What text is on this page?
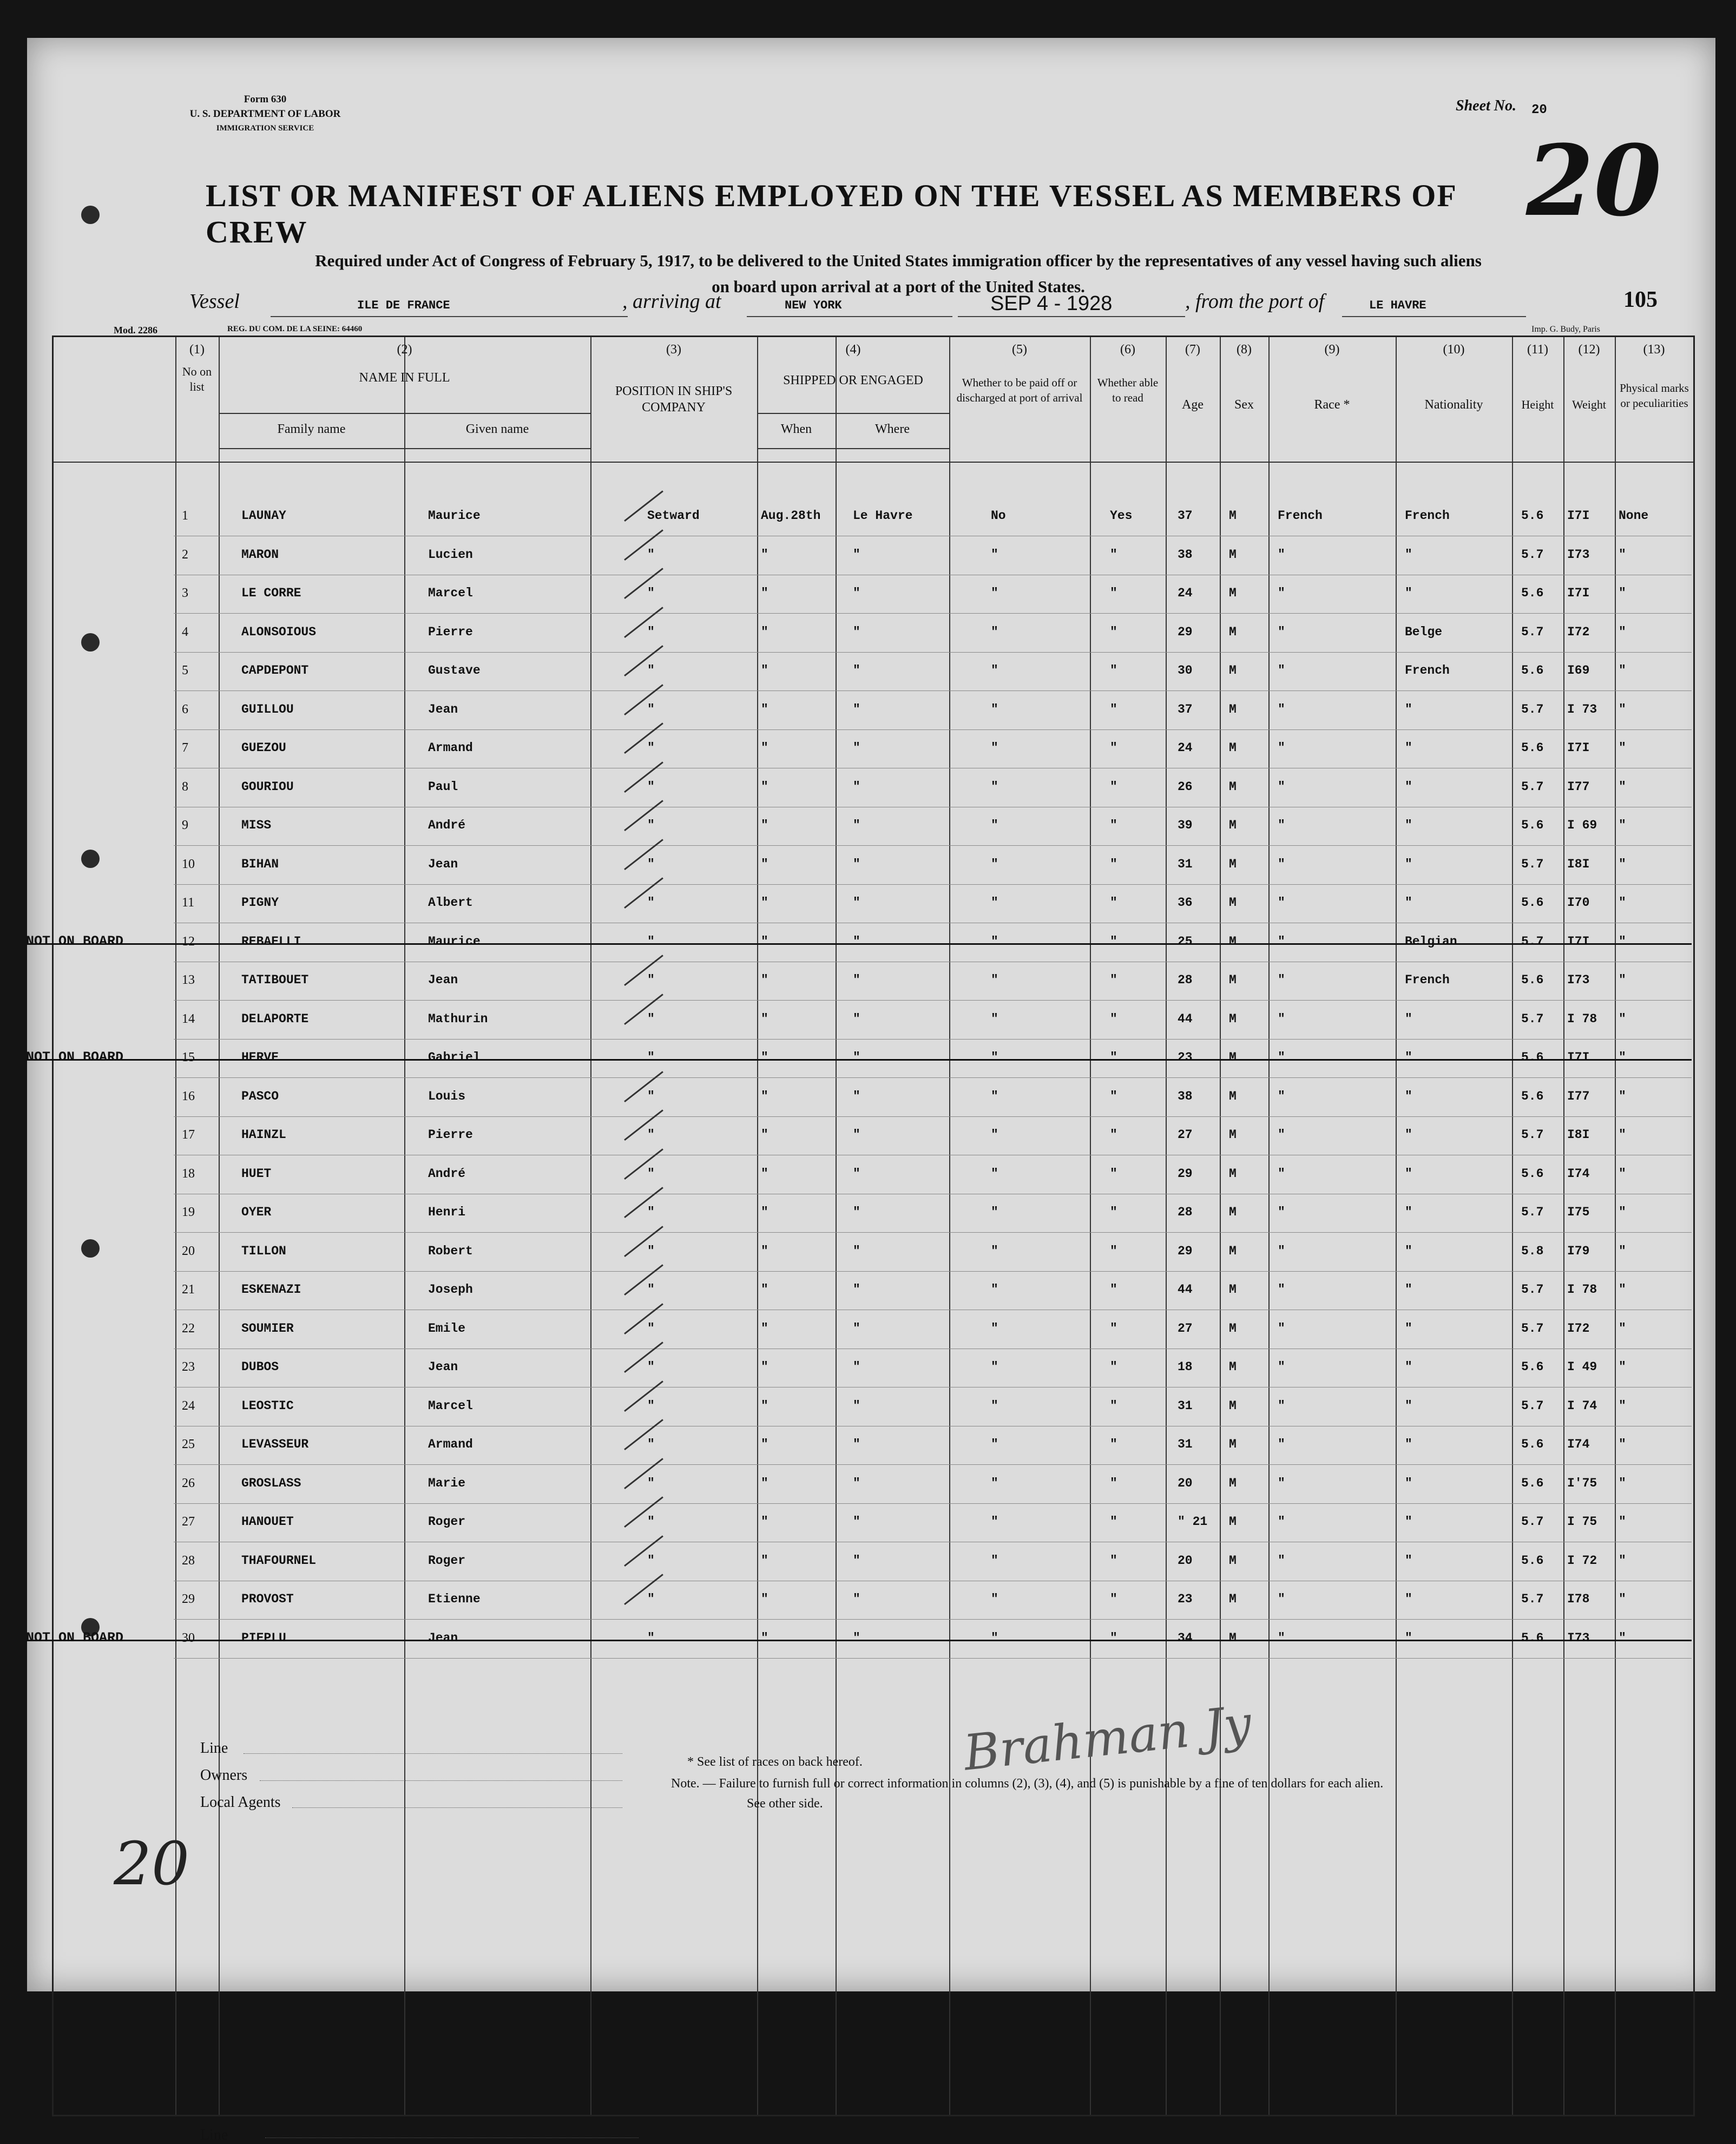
Form 630
U. S. DEPARTMENT OF LABOR
IMMIGRATION SERVICE
Sheet No. 20
20
LIST OR MANIFEST OF ALIENS EMPLOYED ON THE VESSEL AS MEMBERS OF CREW
Required under Act of Congress of February 5, 1917, to be delivered to the United States immigration officer by the representatives of any vessel having such aliens
on board upon arrival at a port of the United States.
Vessel	ILE DE FRANCE	, arriving at	NEW YORK	SEP 4 - 1928	, from the port of	LE HAVRE	105
Mod. 2286	REG. DU COM. DE LA SEINE: 64460	Imp. G. Budy, Paris
(1)
No on list
(2)
NAME IN FULL
Family name	Given name
(3)
POSITION IN SHIP'S COMPANY
(4)
SHIPPED OR ENGAGED
When	Where
(5)
Whether to be paid off or discharged at port of arrival
(6)
Whether able to read
(7)
Age
(8)
Sex
(9)
Race *
(10)
Nationality
(11)
Height
(12)
Weight
(13)
Physical marks or peculiarities
Line
1	LAUNAY	Maurice	Setward	Aug.28th	Le Havre	No	Yes	37	M	French	French	5.6 I7I None
2	MARON	Lucien	"	"	"	"	"	38	M	"	"	5.7 I73 "
3	LE CORRE	Marcel	"	"	"	"	"	24	M	"	"	5.6 I7I "
4	ALONSOIOUS	Pierre	"	"	"	"	"	29	M	"	Belge	5.7 I72 "
5	CAPDEPONT	Gustave	"	"	"	"	"	30	M	"	French	5.6 I69 "
6	GUILLOU	Jean	"	"	"	"	"	37	M	"	"	5.7 I 73 "
7	GUEZOU	Armand	"	"	"	"	"	24	M	"	"	5.6 I7I "
8	GOURIOU	Paul	"	"	"	"	"	26	M	"	"	5.7 I77 "
9	MISS	André	"	"	"	"	"	39	M	"	"	5.6 I 69 "
10	BIHAN	Jean	"	"	"	"	"	31	M	"	"	5.7 I8I "
11	PIGNY	Albert	"	"	"	"	"	36	M	"	"	5.6 I70 "
12	REBAELLI	Maurice	"	"	"	"	"	25	M	"	Belgian	5.7 I7I "
NOT ON BOARD
13	TATIBOUET	Jean	"	"	"	"	"	28	M	"	French	5.6 I73 "
14	DELAPORTE	Mathurin	"	"	"	"	"	44	M	"	"	5.7 I 78 "
15	HERVE	Gabriel	"	"	"	"	"	23	M	"	"	5.6 I7I "
NOT ON BOARD
16	PASCO	Louis	"	"	"	"	"	38	M	"	"	5.6 I77 "
17	HAINZL	Pierre	"	"	"	"	"	27	M	"	"	5.7 I8I "
18	HUET	André	"	"	"	"	"	29	M	"	"	5.6 I74 "
19	OYER	Henri	"	"	"	"	"	28	M	"	"	5.7 I75 "
20	TILLON	Robert	"	"	"	"	"	29	M	"	"	5.8 I79 "
21	ESKENAZI	Joseph	"	"	"	"	"	44	M	"	"	5.7 I 78 "
22	SOUMIER	Emile	"	"	"	"	"	27	M	"	"	5.7 I72 "
23	DUBOS	Jean	"	"	"	"	"	18	M	"	"	5.6 I 49 "
24	LEOSTIC	Marcel	"	"	"	"	"	31	M	"	"	5.7 I 74 "
25	LEVASSEUR	Armand	"	"	"	"	"	31	M	"	"	5.6 I74 "
26	GROSLASS	Marie	"	"	"	"	"	20	M	"	"	5.6 I'75 "
27	HANOUET	Roger	"	"	"	"	"	" 21 M	"	"	5.7 I 75 "
28	THAFOURNEL	Roger	"	"	"	"	"	20	M	"	"	5.6 I 72 "
29	PROVOST	Etienne	"	"	"	"	"	23	M	"	"	5.7 I78 "
30	PIEPLU	Jean	"	"	"	"	"	34	M	"	"	5.6 I73 "
NOT ON BOARD
Line
Owners
Local Agents
* See list of races on back hereof.
Note. — Failure to furnish full or correct information in columns (2), (3), (4), and (5) is punishable by a fine of ten dollars for each alien.
See other side.
Brahman Jy
20
